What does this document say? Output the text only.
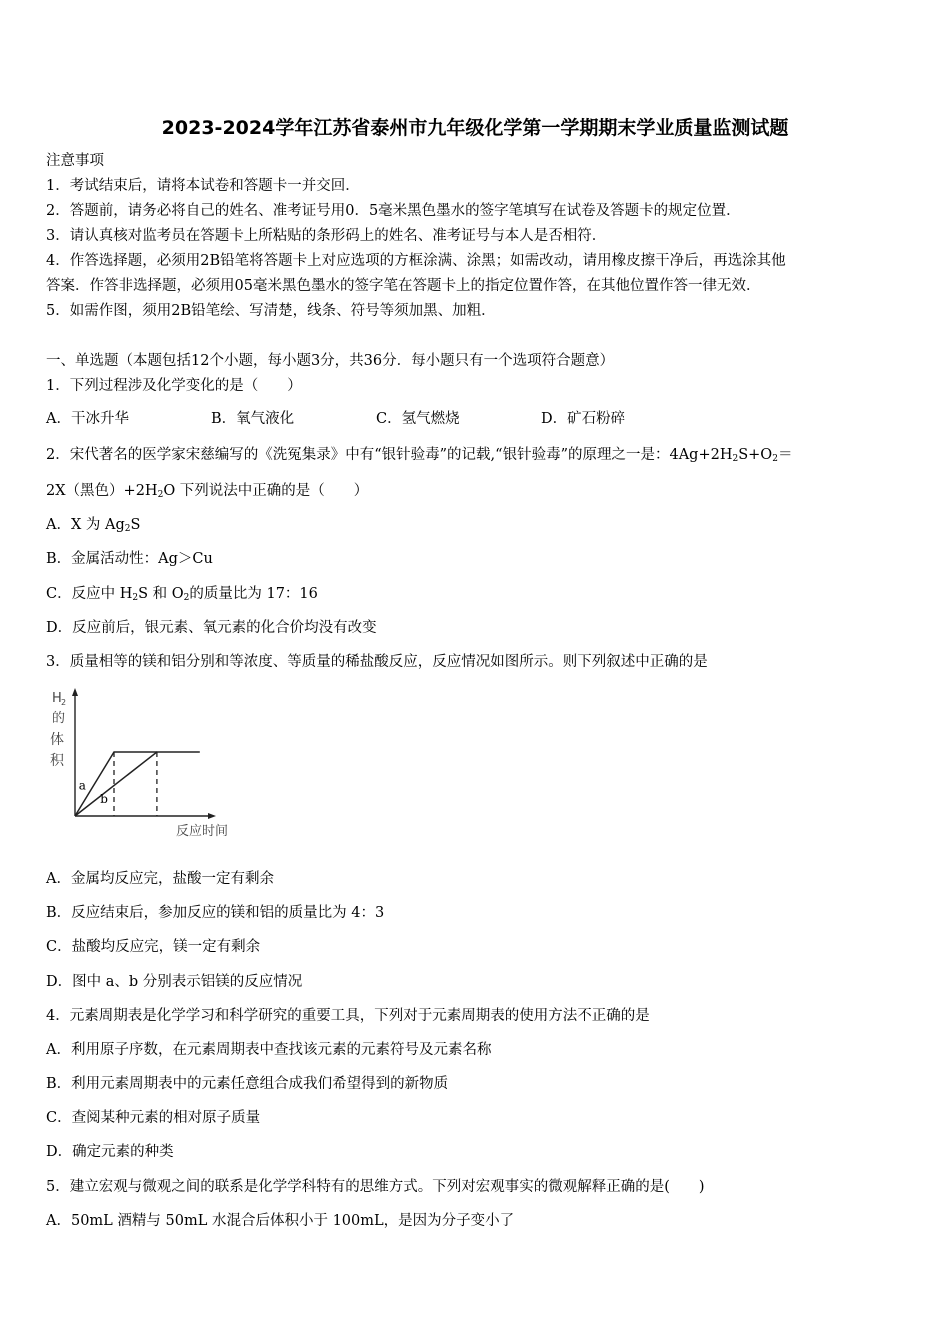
2023-2024学年江苏省泰州市九年级化学第一学期期末学业质量监测试题
注意事项
1．考试结束后，请将本试卷和答题卡一并交回．
2．答题前，请务必将自己的姓名、准考证号用0．5毫米黑色墨水的签字笔填写在试卷及答题卡的规定位置．
3．请认真核对监考员在答题卡上所粘贴的条形码上的姓名、准考证号与本人是否相符．
4．作答选择题，必须用2B铅笔将答题卡上对应选项的方框涂满、涂黑；如需改动，请用橡皮擦干净后，再选涂其他
答案．作答非选择题，必须用05毫米黑色墨水的签字笔在答题卡上的指定位置作答，在其他位置作答一律无效．
5．如需作图，须用2B铅笔绘、写清楚，线条、符号等须加黑、加粗．
一、单选题（本题包括12个小题，每小题3分，共36分．每小题只有一个选项符合题意）
1．下列过程涉及化学变化的是（　　）
A．干冰升华	B．氧气液化	C．氢气燃烧	D．矿石粉碎
2．宋代著名的医学家宋慈编写的《洗冤集录》中有“银针验毒”的记载,“银针验毒”的原理之一是：$4Ag+2H_2S+O_2=$
2X（黑色）$+2H_2O$ 下列说法中正确的是（　　）
A．X 为 $Ag_2S$
B．金属活动性：Ag＞Cu
C．反应中 $H_2S$ 和 $O_2$的质量比为 17：16
D．反应前后，银元素、氧元素的化合价均没有改变
3．质量相等的镁和铝分别和等浓度、等质量的稀盐酸反应，反应情况如图所示。则下列叙述中正确的是
H 2
的
体
积
a
b
反应时间
A．金属均反应完，盐酸一定有剩余
B．反应结束后，参加反应的镁和铝的质量比为 4：3
C．盐酸均反应完，镁一定有剩余
D．图中 a、b 分别表示铝镁的反应情况
4．元素周期表是化学学习和科学研究的重要工具，下列对于元素周期表的使用方法不正确的是
A．利用原子序数，在元素周期表中查找该元素的元素符号及元素名称
B．利用元素周期表中的元素任意组合成我们希望得到的新物质
C．查阅某种元素的相对原子质量
D．确定元素的种类
5．建立宏观与微观之间的联系是化学学科特有的思维方式。下列对宏观事实的微观解释正确的是(　　)
A．50mL 酒精与 50mL 水混合后体积小于 100mL，是因为分子变小了
